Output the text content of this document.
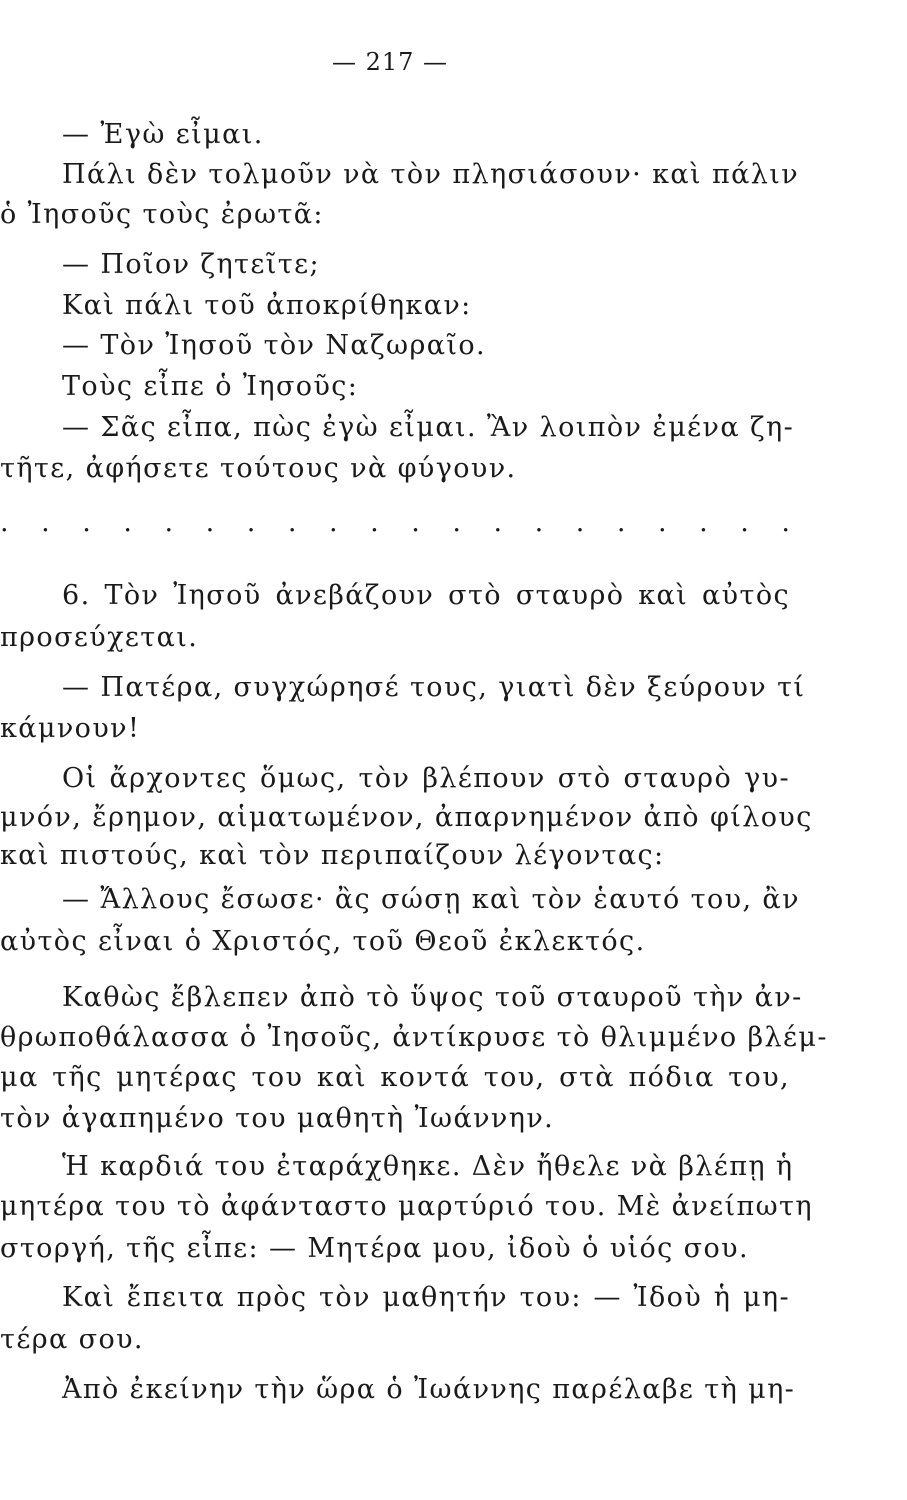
— 217 —
— Ἐγὼ εἶμαι.
Πάλι δὲν τολμοῦν νὰ τὸν πλησιάσουν· καὶ πάλιν
ὁ Ἰησοῦς τοὺς ἐρωτᾶ:
— Ποῖον ζητεῖτε;
Καὶ πάλι τοῦ ἀποκρίθηκαν:
— Τὸν Ἰησοῦ τὸν Ναζωραῖο.
Τοὺς εἶπε ὁ Ἰησοῦς:
— Σᾶς εἶπα, πὼς ἐγὼ εἶμαι. Ἂν λοιπὸν ἐμένα ζη-
τῆτε, ἀφήσετε τούτους νὰ φύγουν.
. . . . . . . . . . . . . . . . . . . .
6. Τὸν Ἰησοῦ ἀνεβάζουν στὸ σταυρὸ καὶ αὐτὸς
προσεύχεται.
— Πατέρα, συγχώρησέ τους, γιατὶ δὲν ξεύρουν τί
κάμνουν!
Οἱ ἄρχοντες ὅμως, τὸν βλέπουν στὸ σταυρὸ γυ-
μνόν, ἔρημον, αἱματωμένον, ἀπαρνημένον ἀπὸ φίλους
καὶ πιστούς, καὶ τὸν περιπαίζουν λέγοντας:
— Ἄλλους ἔσωσε· ἂς σώσῃ καὶ τὸν ἑαυτό του, ἂν
αὐτὸς εἶναι ὁ Χριστός, τοῦ Θεοῦ ἐκλεκτός.
Καθὼς ἔβλεπεν ἀπὸ τὸ ὕψος τοῦ σταυροῦ τὴν ἀν-
θρωποθάλασσα ὁ Ἰησοῦς, ἀντίκρυσε τὸ θλιμμένο βλέμ-
μα τῆς μητέρας του καὶ κοντά του, στὰ πόδια του,
τὸν ἀγαπημένο του μαθητὴ Ἰωάννην.
Ἡ καρδιά του ἐταράχθηκε. Δὲν ἤθελε νὰ βλέπῃ ἡ
μητέρα του τὸ ἀφάνταστο μαρτύριό του. Μὲ ἀνείπωτη
στοργή, τῆς εἶπε: — Μητέρα μου, ἰδοὺ ὁ υἱός σου.
Καὶ ἔπειτα πρὸς τὸν μαθητήν του: — Ἰδοὺ ἡ μη-
τέρα σου.
Ἀπὸ ἐκείνην τὴν ὥρα ὁ Ἰωάννης παρέλαβε τὴ μη-
